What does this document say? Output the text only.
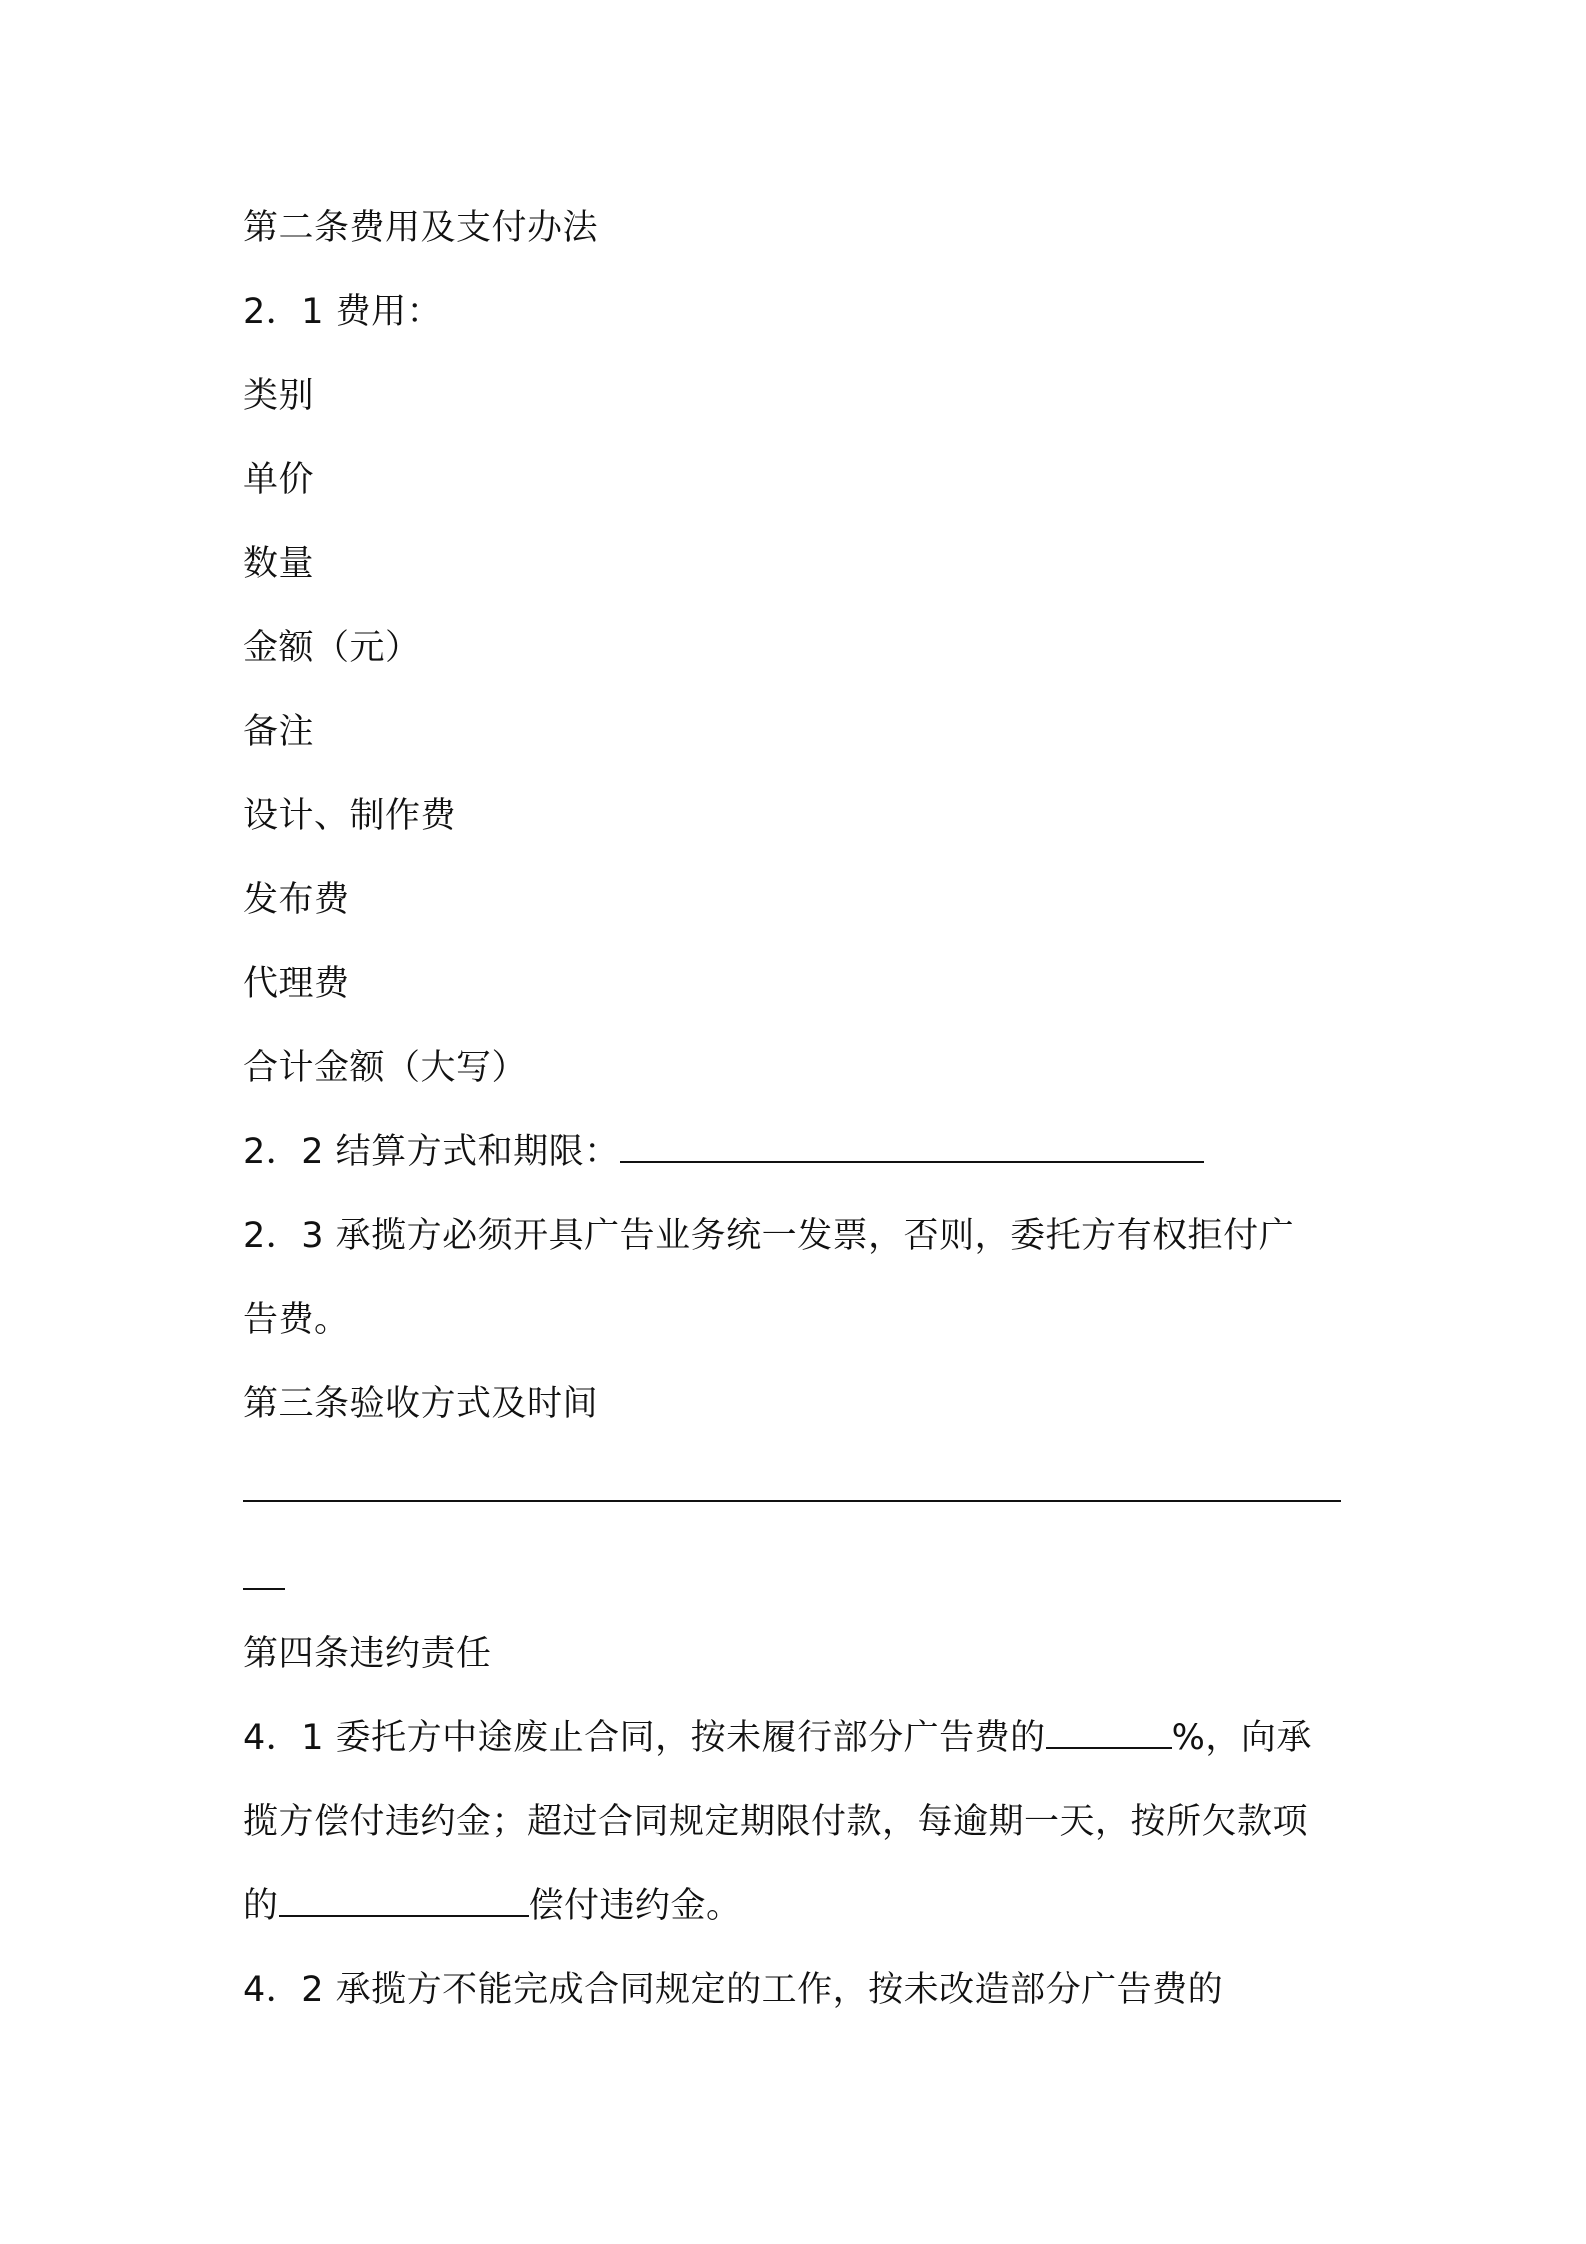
第二条费用及支付办法
2．1 费用：
类别
单价
数量
金额（元）
备注
设计、制作费
发布费
代理费
合计金额（大写）
2．2 结算方式和期限：
2．3 承揽方必须开具广告业务统一发票，否则，委托方有权拒付广
告费。
第三条验收方式及时间
第四条违约责任
4．1 委托方中途废止合同，按未履行部分广告费的	%，向承
揽方偿付违约金；超过合同规定期限付款，每逾期一天，按所欠款项
的	偿付违约金。
4．2 承揽方不能完成合同规定的工作，按未改造部分广告费的
